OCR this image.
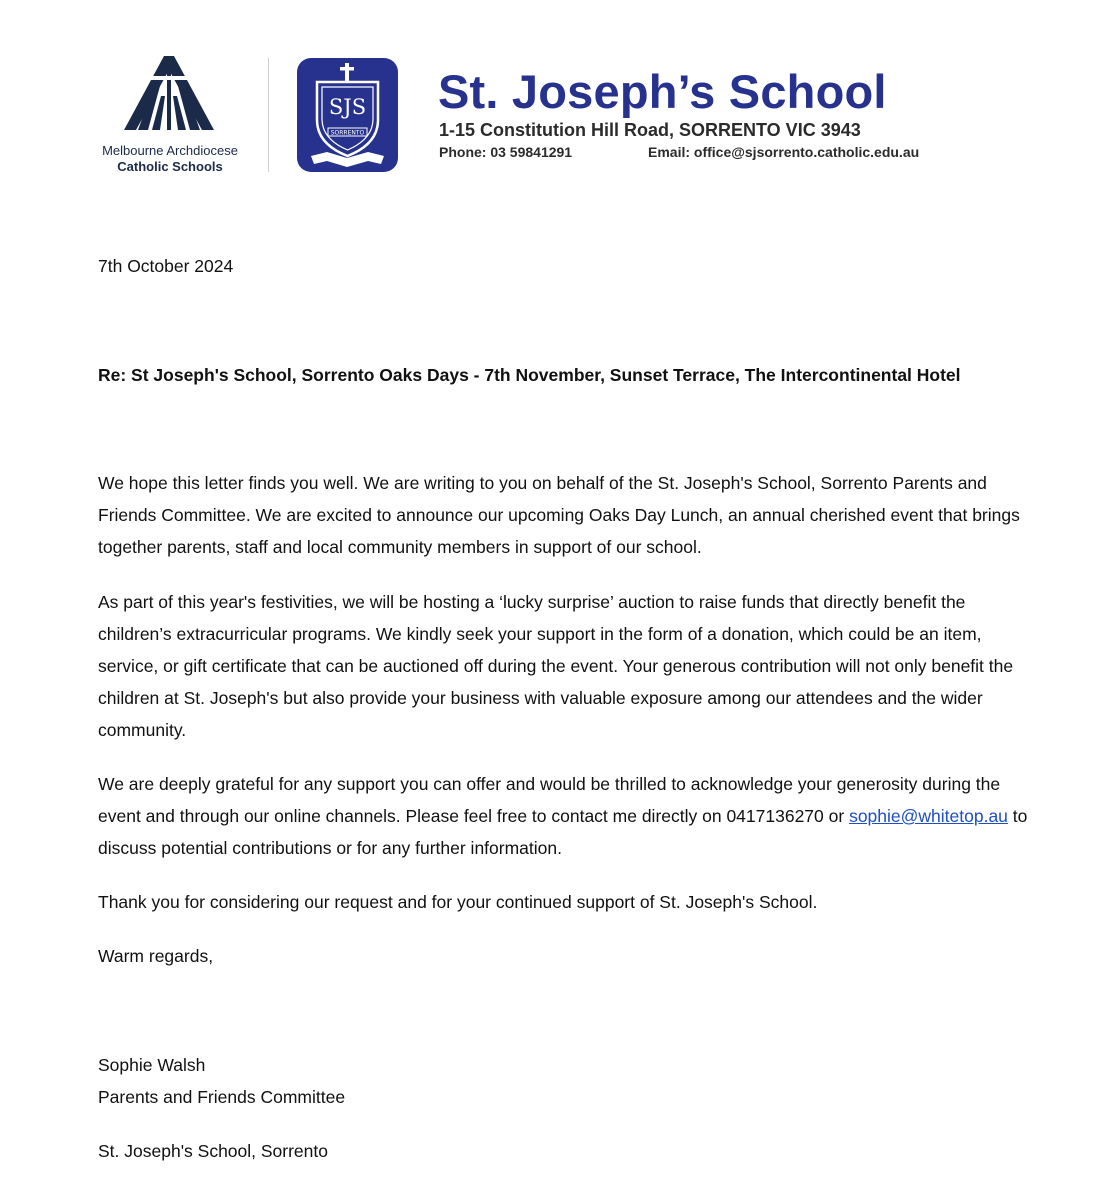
Melbourne Archdiocese
Catholic Schools
SJS
SORRENTO
St. Joseph’s School
1-15 Constitution Hill Road, SORRENTO VIC 3943
Phone: 03 59841291	Email: office@sjsorrento.catholic.edu.au
7th October 2024
Re: St Joseph's School, Sorrento Oaks Days - 7th November, Sunset Terrace, The Intercontinental Hotel

We hope this letter finds you well. We are writing to you on behalf of the St. Joseph's School, Sorrento Parents and Friends Committee. We are excited to announce our upcoming Oaks Day Lunch, an annual cherished event that brings together parents, staff and local community members in support of our school.

As part of this year's festivities, we will be hosting a ‘lucky surprise’ auction to raise funds that directly benefit the children’s extracurricular programs. We kindly seek your support in the form of a donation, which could be an item, service, or gift certificate that can be auctioned off during the event. Your generous contribution will not only benefit the children at St. Joseph's but also provide your business with valuable exposure among our attendees and the wider community.

We are deeply grateful for any support you can offer and would be thrilled to acknowledge your generosity during the event and through our online channels. Please feel free to contact me directly on 0417136270 or sophie@whitetop.au to discuss potential contributions or for any further information.

Thank you for considering our request and for your continued support of St. Joseph's School.

Warm regards,

Sophie Walsh

Parents and Friends Committee

St. Joseph's School, Sorrento
